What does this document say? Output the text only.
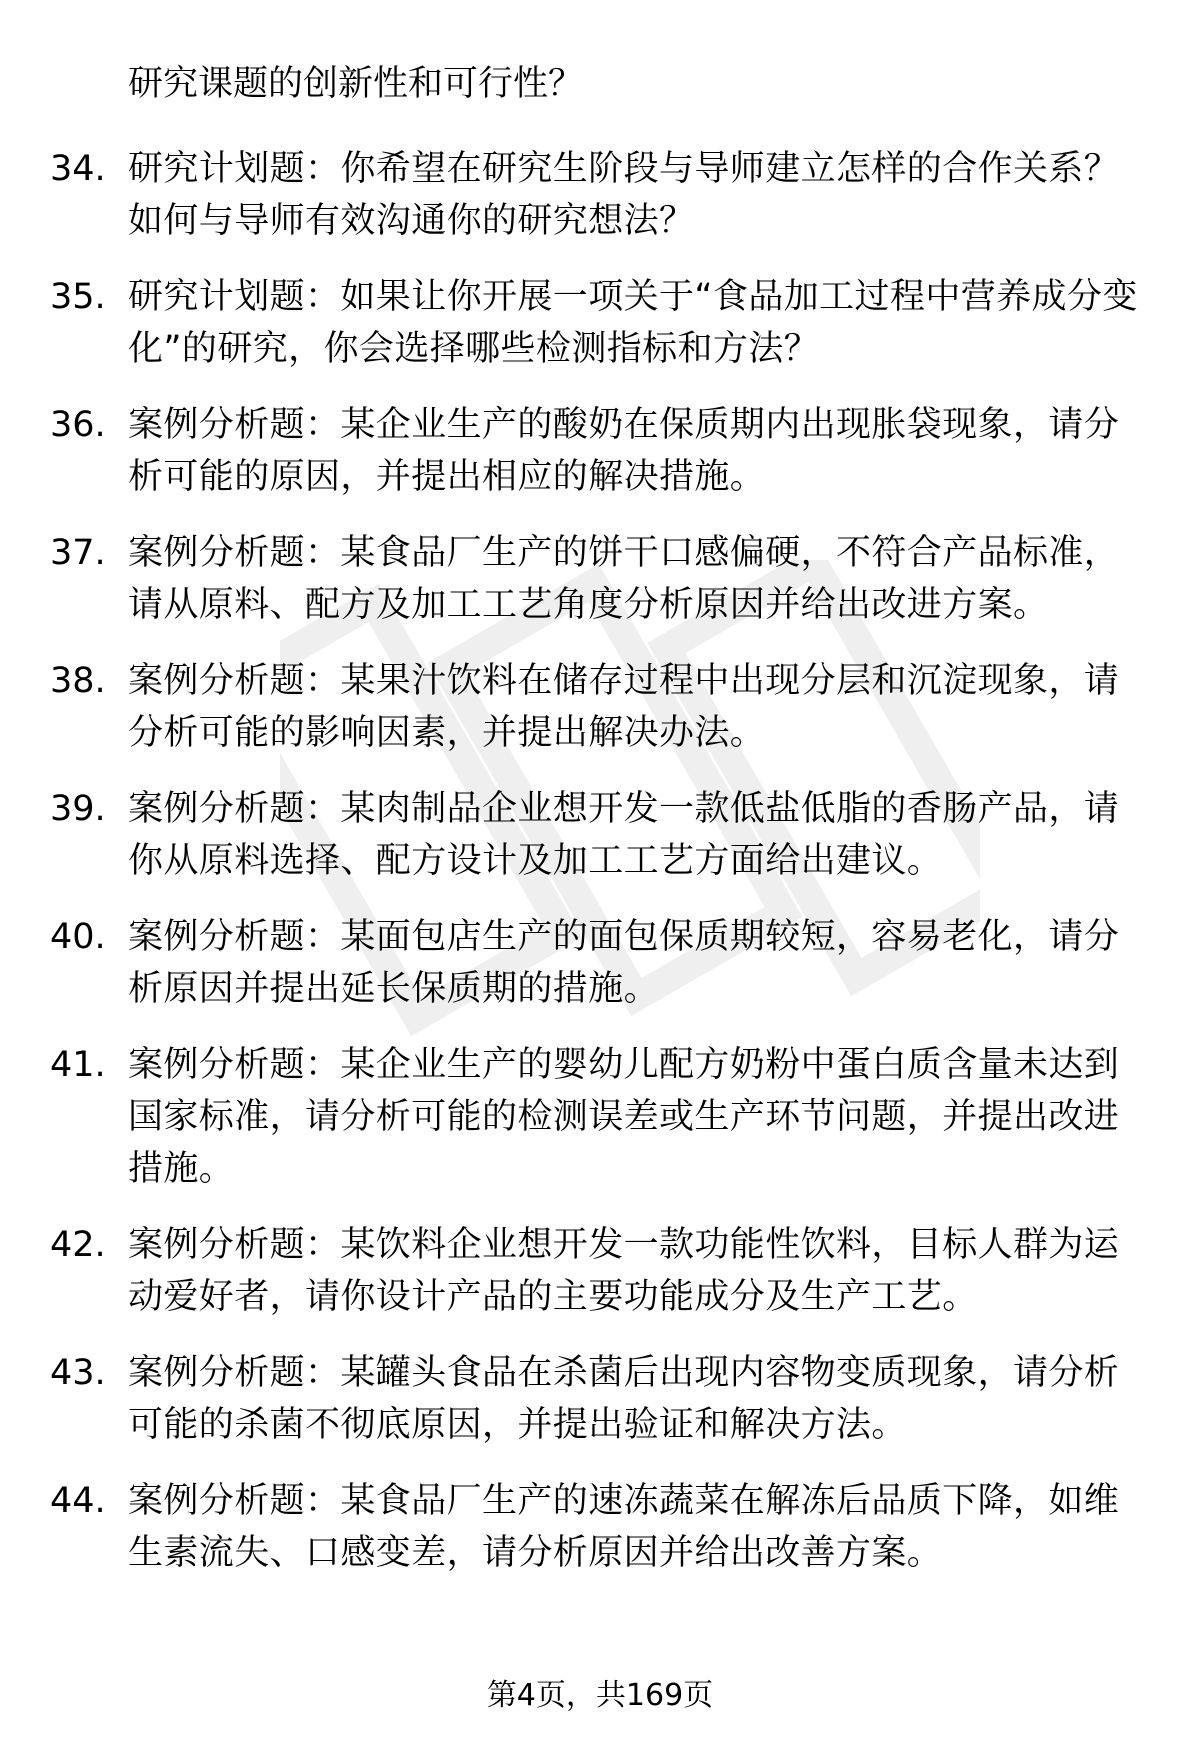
研究课题的创新性和可行性？
34. 研究计划题：你希望在研究生阶段与导师建立怎样的合作关系？如何与导师有效沟通你的研究想法？
35. 研究计划题：如果让你开展一项关于“食品加工过程中营养成分变化”的研究，你会选择哪些检测指标和方法？
36. 案例分析题：某企业生产的酸奶在保质期内出现胀袋现象，请分析可能的原因，并提出相应的解决措施。
37. 案例分析题：某食品厂生产的饼干口感偏硬，不符合产品标准，请从原料、配方及加工工艺角度分析原因并给出改进方案。
38. 案例分析题：某果汁饮料在储存过程中出现分层和沉淀现象，请分析可能的影响因素，并提出解决办法。
39. 案例分析题：某肉制品企业想开发一款低盐低脂的香肠产品，请你从原料选择、配方设计及加工工艺方面给出建议。
40. 案例分析题：某面包店生产的面包保质期较短，容易老化，请分析原因并提出延长保质期的措施。
41. 案例分析题：某企业生产的婴幼儿配方奶粉中蛋白质含量未达到国家标准，请分析可能的检测误差或生产环节问题，并提出改进措施。
42. 案例分析题：某饮料企业想开发一款功能性饮料，目标人群为运动爱好者，请你设计产品的主要功能成分及生产工艺。
43. 案例分析题：某罐头食品在杀菌后出现内容物变质现象，请分析可能的杀菌不彻底原因，并提出验证和解决方法。
44. 案例分析题：某食品厂生产的速冻蔬菜在解冻后品质下降，如维生素流失、口感变差，请分析原因并给出改善方案。
第4页，共169页
